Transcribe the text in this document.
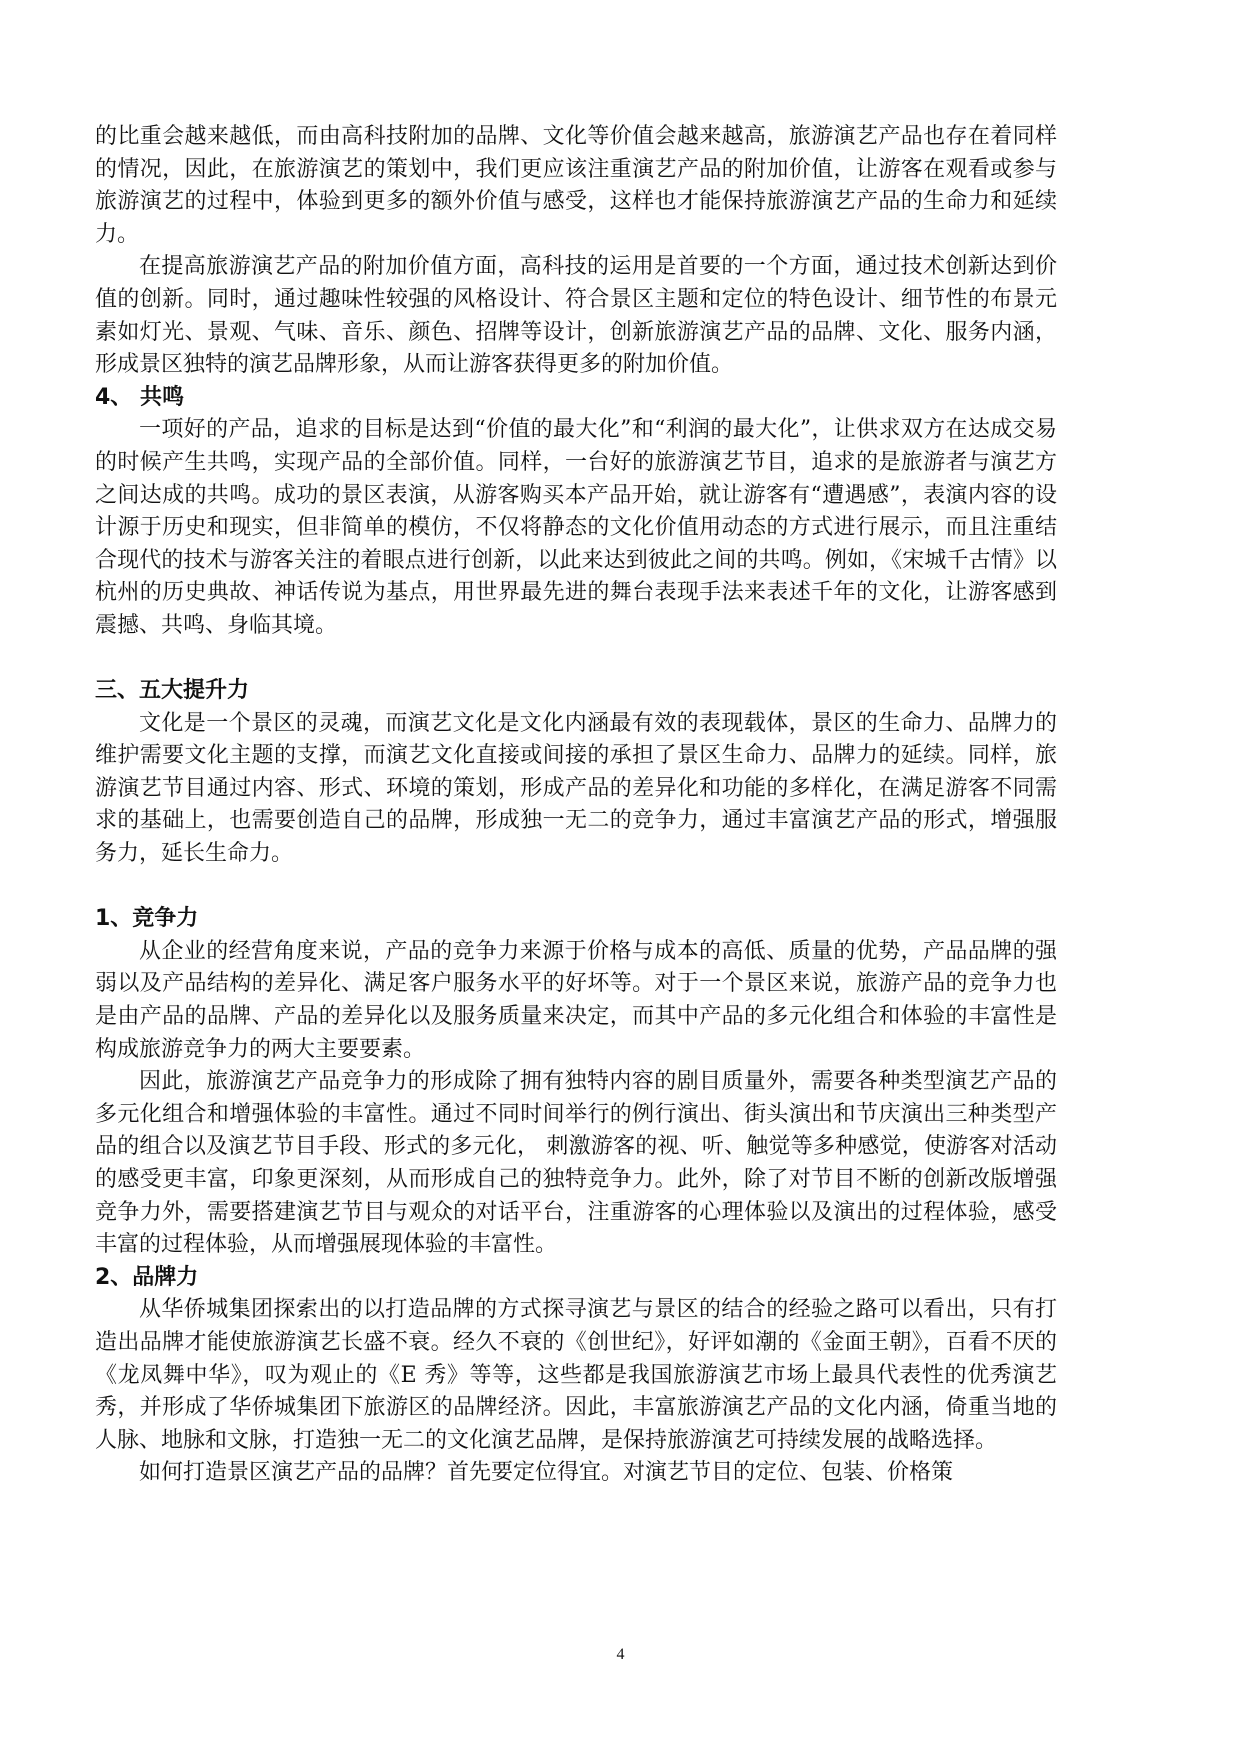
的比重会越来越低，而由高科技附加的品牌、文化等价值会越来越高，旅游演艺产品也存在着同样的情况，因此，在旅游演艺的策划中，我们更应该注重演艺产品的附加价值，让游客在观看或参与旅游演艺的过程中，体验到更多的额外价值与感受，这样也才能保持旅游演艺产品的生命力和延续力。

在提高旅游演艺产品的附加价值方面，高科技的运用是首要的一个方面，通过技术创新达到价值的创新。同时，通过趣味性较强的风格设计、符合景区主题和定位的特色设计、细节性的布景元素如灯光、景观、气味、音乐、颜色、招牌等设计，创新旅游演艺产品的品牌、文化、服务内涵，形成景区独特的演艺品牌形象，从而让游客获得更多的附加价值。

4、 共鸣

一项好的产品，追求的目标是达到“价值的最大化”和“利润的最大化”，让供求双方在达成交易的时候产生共鸣，实现产品的全部价值。同样，一台好的旅游演艺节目，追求的是旅游者与演艺方之间达成的共鸣。成功的景区表演，从游客购买本产品开始，就让游客有“遭遇感”，表演内容的设计源于历史和现实，但非简单的模仿，不仅将静态的文化价值用动态的方式进行展示，而且注重结合现代的技术与游客关注的着眼点进行创新，以此来达到彼此之间的共鸣。例如，《宋城千古情》以杭州的历史典故、神话传说为基点，用世界最先进的舞台表现手法来表述千年的文化，让游客感到震撼、共鸣、身临其境。

三、五大提升力

文化是一个景区的灵魂，而演艺文化是文化内涵最有效的表现载体，景区的生命力、品牌力的维护需要文化主题的支撑，而演艺文化直接或间接的承担了景区生命力、品牌力的延续。同样，旅游演艺节目通过内容、形式、环境的策划，形成产品的差异化和功能的多样化，在满足游客不同需求的基础上，也需要创造自己的品牌，形成独一无二的竞争力，通过丰富演艺产品的形式，增强服务力，延长生命力。

1、竞争力

从企业的经营角度来说，产品的竞争力来源于价格与成本的高低、质量的优势，产品品牌的强弱以及产品结构的差异化、满足客户服务水平的好坏等。对于一个景区来说，旅游产品的竞争力也是由产品的品牌、产品的差异化以及服务质量来决定，而其中产品的多元化组合和体验的丰富性是构成旅游竞争力的两大主要要素。

因此，旅游演艺产品竞争力的形成除了拥有独特内容的剧目质量外，需要各种类型演艺产品的多元化组合和增强体验的丰富性。通过不同时间举行的例行演出、街头演出和节庆演出三种类型产品的组合以及演艺节目手段、形式的多元化， 刺激游客的视、听、触觉等多种感觉，使游客对活动的感受更丰富，印象更深刻，从而形成自己的独特竞争力。此外，除了对节目不断的创新改版增强竞争力外，需要搭建演艺节目与观众的对话平台，注重游客的心理体验以及演出的过程体验，感受丰富的过程体验，从而增强展现体验的丰富性。

2、品牌力

从华侨城集团探索出的以打造品牌的方式探寻演艺与景区的结合的经验之路可以看出，只有打造出品牌才能使旅游演艺长盛不衰。经久不衰的《创世纪》，好评如潮的《金面王朝》，百看不厌的《龙凤舞中华》，叹为观止的《E 秀》等等，这些都是我国旅游演艺市场上最具代表性的优秀演艺秀，并形成了华侨城集团下旅游区的品牌经济。因此，丰富旅游演艺产品的文化内涵，倚重当地的人脉、地脉和文脉，打造独一无二的文化演艺品牌，是保持旅游演艺可持续发展的战略选择。

如何打造景区演艺产品的品牌？首先要定位得宜。对演艺节目的定位、包装、价格策

4
